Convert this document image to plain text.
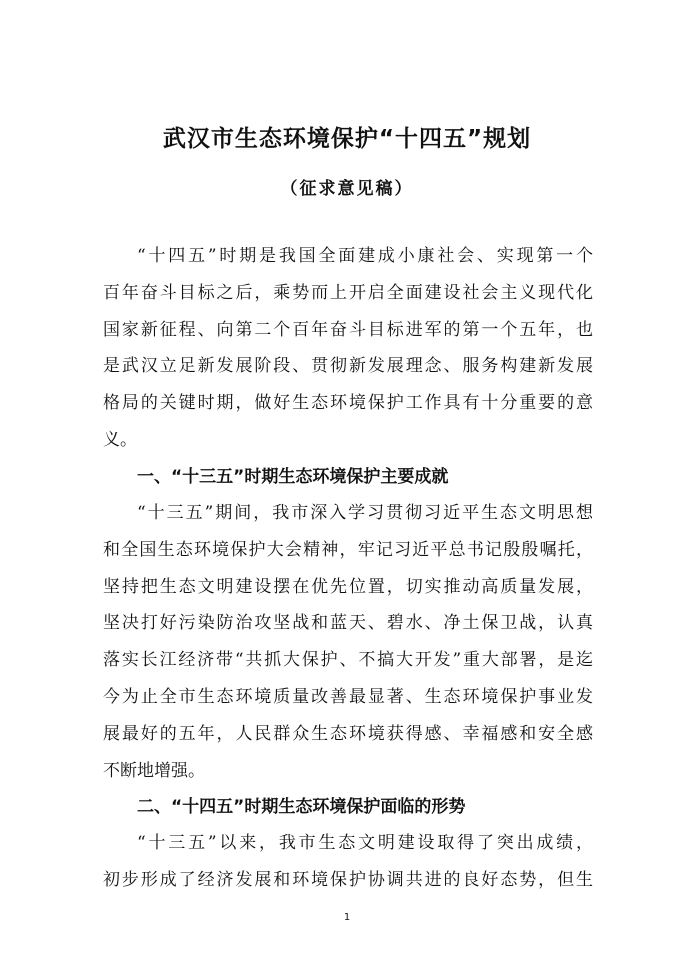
武汉市生态环境保护“十四五”规划
（征求意见稿）
“十四五”时期是我国全面建成小康社会、实现第一个
百年奋斗目标之后，乘势而上开启全面建设社会主义现代化
国家新征程、向第二个百年奋斗目标进军的第一个五年，也
是武汉立足新发展阶段、贯彻新发展理念、服务构建新发展
格局的关键时期，做好生态环境保护工作具有十分重要的意
义。
一、“十三五”时期生态环境保护主要成就
“十三五”期间，我市深入学习贯彻习近平生态文明思想
和全国生态环境保护大会精神，牢记习近平总书记殷殷嘱托，
坚持把生态文明建设摆在优先位置，切实推动高质量发展，
坚决打好污染防治攻坚战和蓝天、碧水、净土保卫战，认真
落实长江经济带“共抓大保护、不搞大开发”重大部署，是迄
今为止全市生态环境质量改善最显著、生态环境保护事业发
展最好的五年，人民群众生态环境获得感、幸福感和安全感
不断地增强。
二、“十四五”时期生态环境保护面临的形势
“十三五”以来，我市生态文明建设取得了突出成绩，
初步形成了经济发展和环境保护协调共进的良好态势，但生
1
